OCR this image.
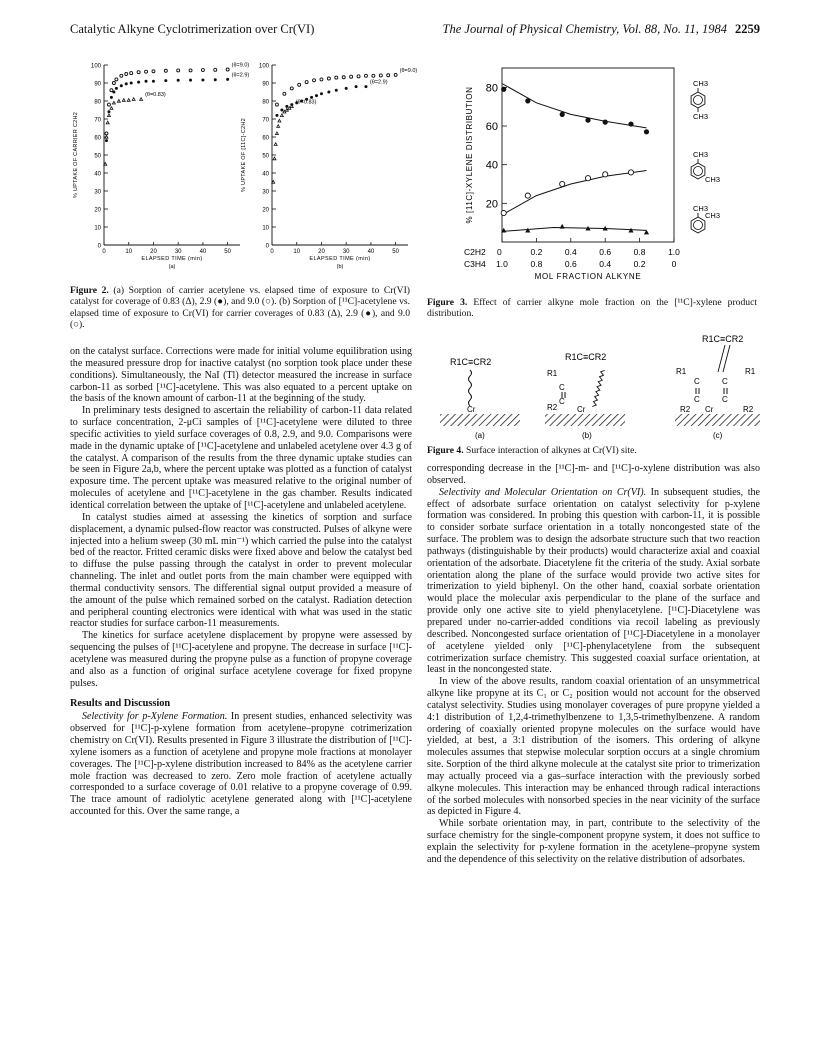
Catalytic Alkyne Cyclotrimerization over Cr(VI)	The Journal of Physical Chemistry, Vol. 88, No. 11, 1984 2259
0
10
20
30
40
50
60
70
80
90
100
0	10	20	30	40	50
ELAPSED TIME (min)
(a)
% UPTAKE OF CARRIER C2H2
(θ=9.0)
(θ=2.9)
(θ=0.83)
0
10
20
30
40
50
60
70
80
90
100
0	10	20	30	40	50
ELAPSED TIME (min)
(b)
% UPTAKE OF [11C]-C2H2
(θ=9.0)
(θ=2.9)
(θ=0.83)
Figure 2. (a) Sorption of carrier acetylene vs. elapsed time of exposure to Cr(VI) catalyst for coverage of 0.83 (Δ), 2.9 (●), and 9.0 (○). (b) Sorption of [¹¹C]-acetylene vs. elapsed time of exposure to Cr(VI) for carrier coverages of 0.83 (Δ), 2.9 (●), and 9.0 (○).
20
40
60
80
% [11C]-XYLENE DISTRIBUTION
C2H2
C3H4
0
1.0
0.2
0.8
0.4
0.6
0.6
0.4
0.8
0.2
1.0
0
MOL FRACTION ALKYNE
CH3
CH3
CH3
CH3
CH3
CH3
Figure 3. Effect of carrier alkyne mole fraction on the [¹¹C]-xylene product distribution.
R1C≡CR2
Cr
(a)
R1C≡CR2
R1
C
C
R2 Cr
(b)
R1C≡CR2
R1
C
C
R1
C
C
R2 Cr	R2
(c)
Figure 4. Surface interaction of alkynes at Cr(VI) site.

on the catalyst surface. Corrections were made for initial volume equilibration using the measured pressure drop for inactive catalyst (no sorption took place under these conditions). Simultaneously, the NaI (Tl) detector measured the increase in surface carbon-11 as sorbed [¹¹C]-acetylene. This was also equated to a percent uptake on the basis of the known amount of carbon-11 at the beginning of the study.

In preliminary tests designed to ascertain the reliability of carbon-11 data related to surface concentration, 2-μCi samples of [¹¹C]-acetylene were diluted to three specific activities to yield surface coverages of 0.8, 2.9, and 9.0. Comparisons were made in the dynamic uptake of [¹¹C]-acetylene and unlabeled acetylene over 4.3 g of the catalyst. A comparison of the results from the three dynamic uptake studies can be seen in Figure 2a,b, where the percent uptake was plotted as a function of catalyst exposure time. The percent uptake was measured relative to the original number of molecules of acetylene and [¹¹C]-acetylene in the gas chamber. Results indicated identical correlation between the uptake of [¹¹C]-acetylene and unlabeled acetylene.

In catalyst studies aimed at assessing the kinetics of sorption and surface displacement, a dynamic pulsed-flow reactor was constructed. Pulses of alkyne were injected into a helium sweep (30 mL min⁻¹) which carried the pulse into the catalyst bed of the reactor. Fritted ceramic disks were fixed above and below the catalyst bed to diffuse the pulse passing through the catalyst in order to prevent molecular channeling. The inlet and outlet ports from the main chamber were equipped with thermal conductivity sensors. The differential signal output provided a measure of the amount of the pulse which remained sorbed on the catalyst. Radiation detection and peripheral counting electronics were identical with what was used in the static reactor studies for surface carbon-11 measurements.

The kinetics for surface acetylene displacement by propyne were assessed by sequencing the pulses of [¹¹C]-acetylene and propyne. The decrease in surface [¹¹C]-acetylene was measured during the propyne pulse as a function of propyne coverage and also as a function of original surface acetylene coverage for fixed propyne pulses.

Results and Discussion

Selectivity for p-Xylene Formation. In present studies, enhanced selectivity was observed for [¹¹C]-p-xylene formation from acetylene–propyne cotrimerization chemistry on Cr(VI). Results presented in Figure 3 illustrate the distribution of [¹¹C]-xylene isomers as a function of acetylene and propyne mole fractions at monolayer coverages. The [¹¹C]-p-xylene distribution increased to 84% as the acetylene carrier mole fraction was decreased to zero. Zero mole fraction of acetylene actually corresponded to a surface coverage of 0.01 relative to a propyne coverage of 0.99. The trace amount of radiolytic acetylene generated along with [¹¹C]-acetylene accounted for this. Over the same range, a

corresponding decrease in the [¹¹C]-m- and [¹¹C]-o-xylene distribution was also observed.

Selectivity and Molecular Orientation on Cr(VI). In subsequent studies, the effect of adsorbate surface orientation on catalyst selectivity for p-xylene formation was considered. In probing this question with carbon-11, it is possible to consider sorbate surface orientation in a totally noncongested state of the surface. The problem was to design the adsorbate structure such that two reaction pathways (distinguishable by their products) would characterize axial and coaxial orientation of the adsorbate. Diacetylene fit the criteria of the study. Axial sorbate orientation along the plane of the surface would provide two active sites for trimerization to yield biphenyl. On the other hand, coaxial sorbate orientation would place the molecular axis perpendicular to the plane of the surface and provide only one active site to yield phenylacetylene. [¹¹C]-Diacetylene was prepared under no-carrier-added conditions via recoil labeling as previously described. Noncongested surface orientation of [¹¹C]-Diacetylene in a monolayer of acetylene yielded only [¹¹C]-phenylacetylene from the subsequent cotrimerization surface chemistry. This suggested coaxial surface orientation, at least in the noncongested state.

In view of the above results, random coaxial orientation of an unsymmetrical alkyne like propyne at its C₁ or C₂ position would not account for the observed catalyst selectivity. Studies using monolayer coverages of pure propyne yielded a 4:1 distribution of 1,2,4-trimethylbenzene to 1,3,5-trimethylbenzene. A random ordering of coaxially oriented propyne molecules on the surface would have yielded, at best, a 3:1 distribution of the isomers. This ordering of alkyne molecules assumes that stepwise molecular sorption occurs at a single chromium site. Sorption of the third alkyne molecule at the catalyst site prior to trimerization may actually proceed via a gas–surface interaction with the previously sorbed alkyne molecules. This interaction may be enhanced through radical interactions of the sorbed molecules with nonsorbed species in the near vicinity of the surface as depicted in Figure 4.

While sorbate orientation may, in part, contribute to the selectivity of the surface chemistry for the single-component propyne system, it does not suffice to explain the selectivity for p-xylene formation in the acetylene–propyne system and the dependence of this selectivity on the relative distribution of adsorbates.
